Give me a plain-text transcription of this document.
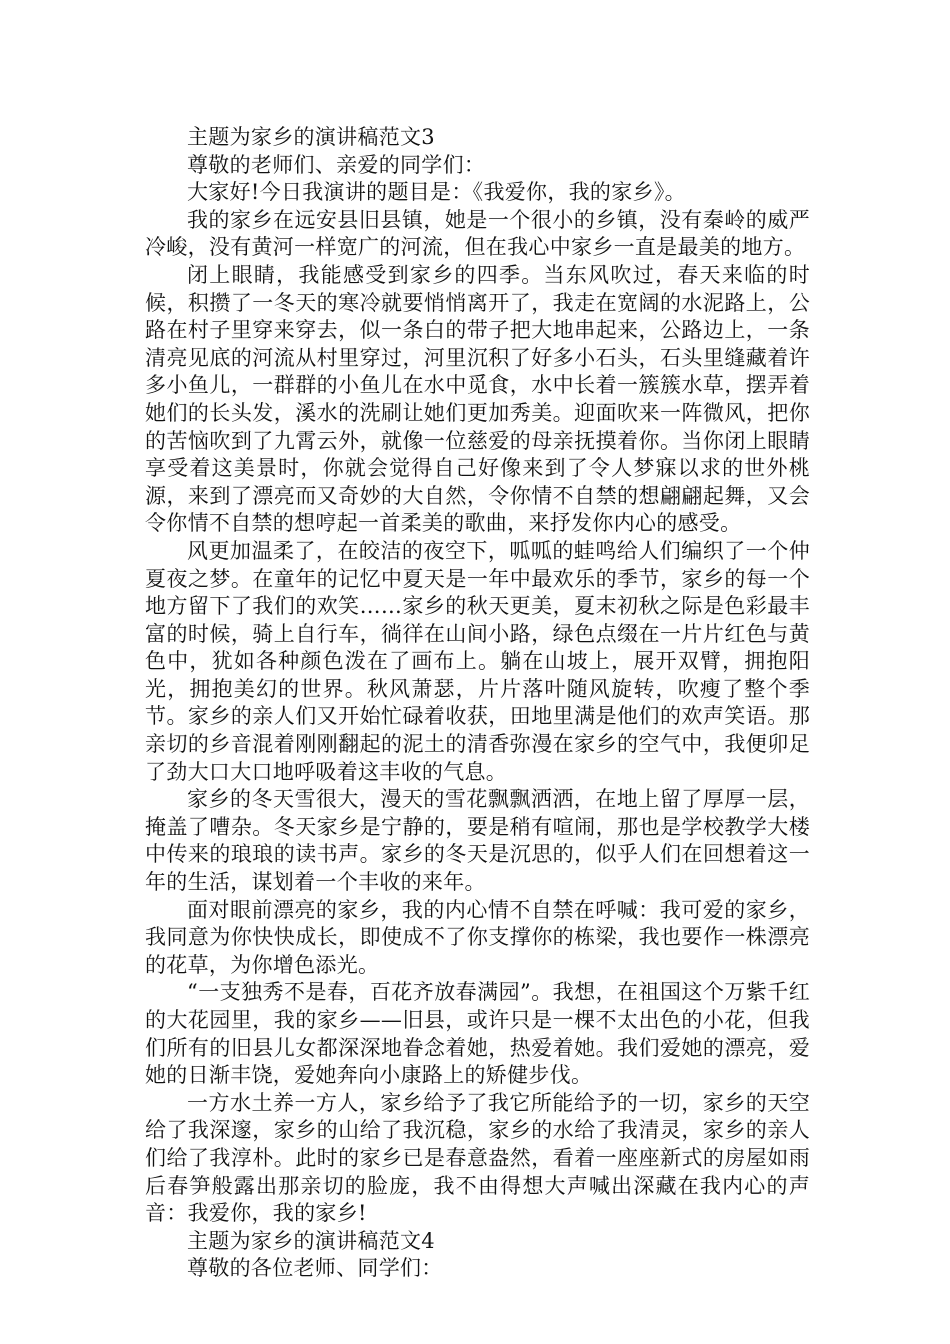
主题为家乡的演讲稿范文3

尊敬的老师们、亲爱的同学们：

大家好!今日我演讲的题目是：《我爱你，我的家乡》。

我的家乡在远安县旧县镇，她是一个很小的乡镇，没有秦岭的威严冷峻，没有黄河一样宽广的河流，但在我心中家乡一直是最美的地方。

闭上眼睛，我能感受到家乡的四季。当东风吹过，春天来临的时候，积攒了一冬天的寒冷就要悄悄离开了，我走在宽阔的水泥路上，公路在村子里穿来穿去，似一条白的带子把大地串起来，公路边上，一条清亮见底的河流从村里穿过，河里沉积了好多小石头，石头里缝藏着许多小鱼儿，一群群的小鱼儿在水中觅食，水中长着一簇簇水草，摆弄着她们的长头发，溪水的洗刷让她们更加秀美。迎面吹来一阵微风，把你的苦恼吹到了九霄云外，就像一位慈爱的母亲抚摸着你。当你闭上眼睛享受着这美景时，你就会觉得自己好像来到了令人梦寐以求的世外桃源，来到了漂亮而又奇妙的大自然，令你情不自禁的想翩翩起舞，又会令你情不自禁的想哼起一首柔美的歌曲，来抒发你内心的感受。

风更加温柔了，在皎洁的夜空下，呱呱的蛙鸣给人们编织了一个仲夏夜之梦。在童年的记忆中夏天是一年中最欢乐的季节，家乡的每一个地方留下了我们的欢笑……家乡的秋天更美，夏末初秋之际是色彩最丰富的时候，骑上自行车，徜徉在山间小路，绿色点缀在一片片红色与黄色中，犹如各种颜色泼在了画布上。躺在山坡上，展开双臂，拥抱阳光，拥抱美幻的世界。秋风萧瑟，片片落叶随风旋转，吹瘦了整个季节。家乡的亲人们又开始忙碌着收获，田地里满是他们的欢声笑语。那亲切的乡音混着刚刚翻起的泥土的清香弥漫在家乡的空气中，我便卯足了劲大口大口地呼吸着这丰收的气息。

家乡的冬天雪很大，漫天的雪花飘飘洒洒，在地上留了厚厚一层，掩盖了嘈杂。冬天家乡是宁静的，要是稍有喧闹，那也是学校教学大楼中传来的琅琅的读书声。家乡的冬天是沉思的，似乎人们在回想着这一年的生活，谋划着一个丰收的来年。

面对眼前漂亮的家乡，我的内心情不自禁在呼喊：我可爱的家乡，我同意为你快快成长，即使成不了你支撑你的栋梁，我也要作一株漂亮的花草，为你增色添光。

“一支独秀不是春，百花齐放春满园”。我想，在祖国这个万紫千红的大花园里，我的家乡——旧县，或许只是一棵不太出色的小花，但我们所有的旧县儿女都深深地眷念着她，热爱着她。我们爱她的漂亮，爱她的日渐丰饶，爱她奔向小康路上的矫健步伐。

一方水土养一方人，家乡给予了我它所能给予的一切，家乡的天空给了我深邃，家乡的山给了我沉稳，家乡的水给了我清灵，家乡的亲人们给了我淳朴。此时的家乡已是春意盎然，看着一座座新式的房屋如雨后春笋般露出那亲切的脸庞，我不由得想大声喊出深藏在我内心的声音：我爱你，我的家乡!

主题为家乡的演讲稿范文4

尊敬的各位老师、同学们：
